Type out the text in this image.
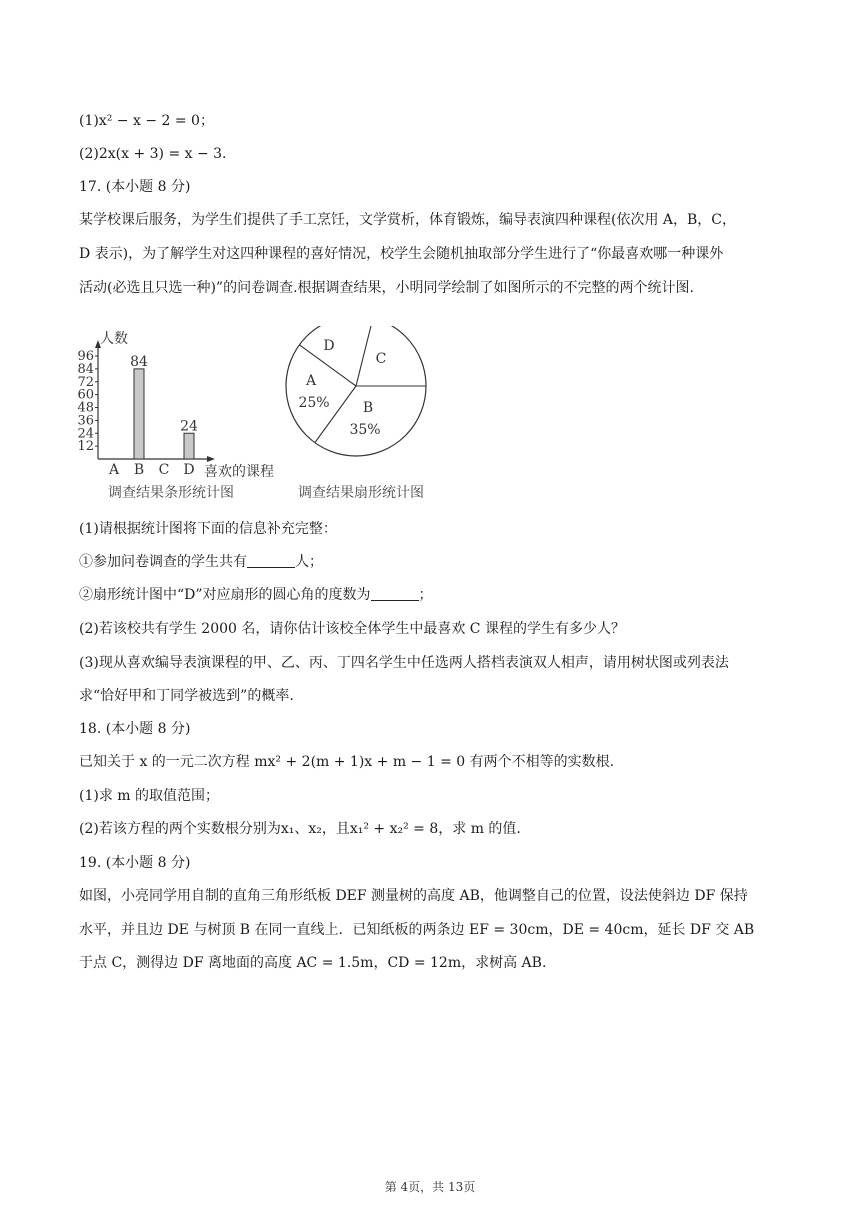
(1)x² − x − 2 = 0；
(2)2x(x + 3) = x − 3.
17. (本小题 8 分)
某学校课后服务，为学生们提供了手工烹饪，文学赏析，体育锻炼，编导表演四种课程(依次用 A，B，C，
D 表示)，为了解学生对这四种课程的喜好情况，校学生会随机抽取部分学生进行了“你最喜欢哪一种课外
活动(必选且只选一种)”的问卷调查.根据调查结果，小明同学绘制了如图所示的不完整的两个统计图.
人数
喜欢的课程
12
24
36
48
60
72
84
96
A B C D
84
24
调查结果条形统计图
A
25% B
35%
C
D
调查结果扇形统计图
(1)请根据统计图将下面的信息补充完整：
①参加问卷调查的学生共有	人；
②扇形统计图中“D”对应扇形的圆心角的度数为	；
(2)若该校共有学生 2000 名，请你估计该校全体学生中最喜欢 C 课程的学生有多少人？
(3)现从喜欢编导表演课程的甲、乙、丙、丁四名学生中任选两人搭档表演双人相声，请用树状图或列表法
求“恰好甲和丁同学被选到”的概率.
18. (本小题 8 分)
已知关于 x 的一元二次方程 mx² + 2(m + 1)x + m − 1 = 0 有两个不相等的实数根.
(1)求 m 的取值范围；
(2)若该方程的两个实数根分别为x₁、x₂，且x₁² + x₂² = 8，求 m 的值.
19. (本小题 8 分)
如图，小亮同学用自制的直角三角形纸板 DEF 测量树的高度 AB，他调整自己的位置，设法使斜边 DF 保持
水平，并且边 DE 与树顶 B 在同一直线上．已知纸板的两条边 EF = 30cm，DE = 40cm，延长 DF 交 AB
于点 C，测得边 DF 离地面的高度 AC = 1.5m，CD = 12m，求树高 AB.
第 4页，共 13页
